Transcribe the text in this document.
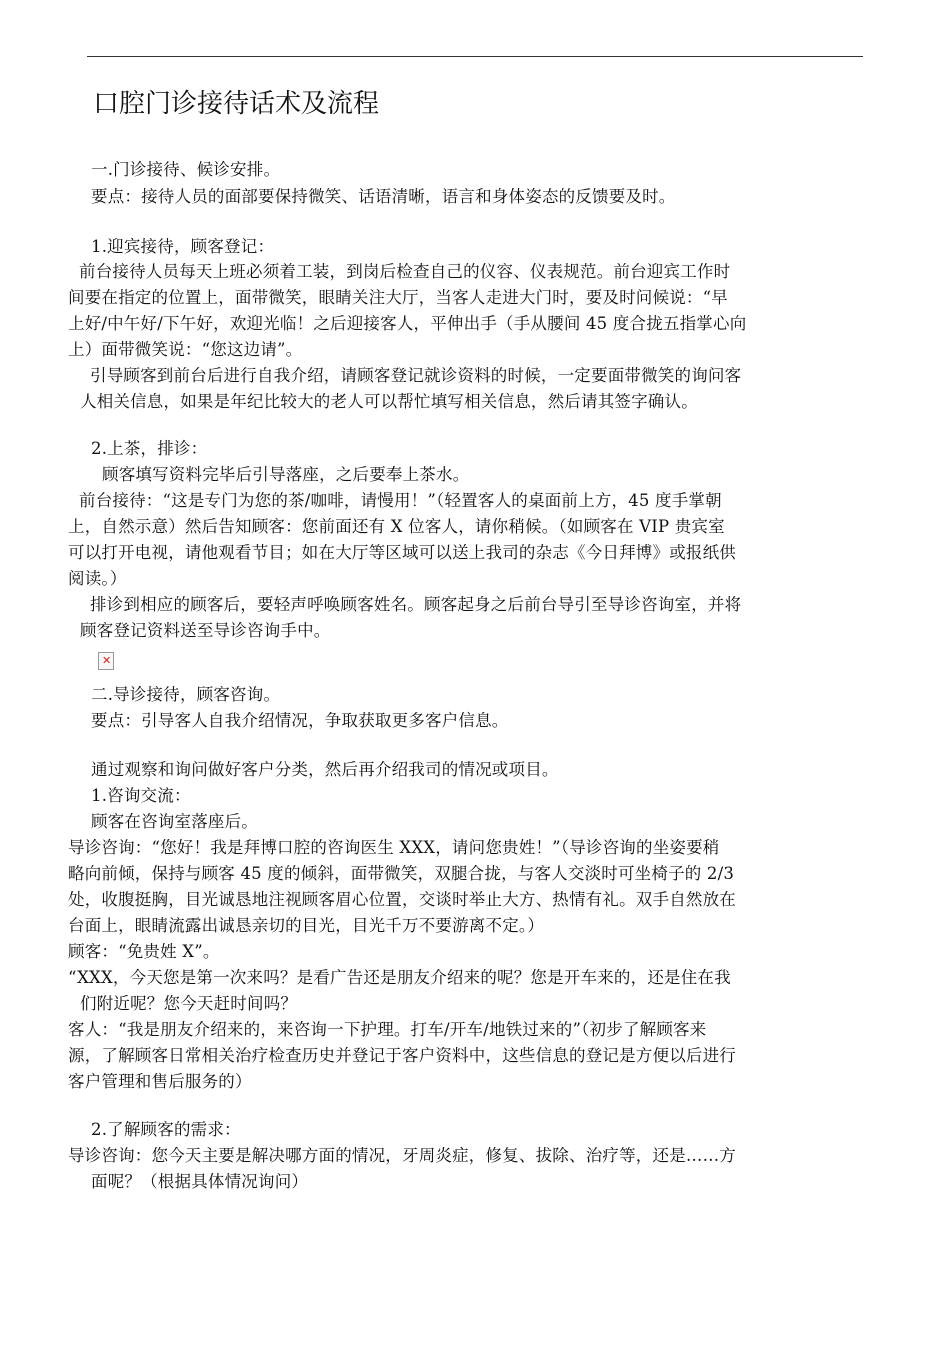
口腔门诊接待话术及流程
一.门诊接待、候诊安排。
要点：接待人员的面部要保持微笑、话语清晰，语言和身体姿态的反馈要及时。
1.迎宾接待，顾客登记：
前台接待人员每天上班必须着工装，到岗后检查自己的仪容、仪表规范。前台迎宾工作时
间要在指定的位置上，面带微笑，眼睛关注大厅，当客人走进大门时，要及时问候说：“早
上好/中午好/下午好，欢迎光临！之后迎接客人，平伸出手（手从腰间 45 度合拢五指掌心向
上）面带微笑说：“您这边请”。
引导顾客到前台后进行自我介绍，请顾客登记就诊资料的时候，一定要面带微笑的询问客
人相关信息，如果是年纪比较大的老人可以帮忙填写相关信息，然后请其签字确认。
2.上茶，排诊：
顾客填写资料完毕后引导落座，之后要奉上茶水。
前台接待：“这是专门为您的茶/咖啡，请慢用！”（轻置客人的桌面前上方，45 度手掌朝
上，自然示意）然后告知顾客：您前面还有 X 位客人，请你稍候。（如顾客在 VIP 贵宾室
可以打开电视，请他观看节目；如在大厅等区域可以送上我司的杂志《今日拜博》或报纸供
阅读。）
排诊到相应的顾客后，要轻声呼唤顾客姓名。顾客起身之后前台导引至导诊咨询室，并将
顾客登记资料送至导诊咨询手中。
✕
二.导诊接待，顾客咨询。
要点：引导客人自我介绍情况，争取获取更多客户信息。
通过观察和询问做好客户分类，然后再介绍我司的情况或项目。
1.咨询交流：
顾客在咨询室落座后。
导诊咨询：“您好！我是拜博口腔的咨询医生 XXX，请问您贵姓！”（导诊咨询的坐姿要稍
略向前倾，保持与顾客 45 度的倾斜，面带微笑，双腿合拢，与客人交淡时可坐椅子的 2/3
处，收腹挺胸，目光诚恳地注视顾客眉心位置，交谈时举止大方、热情有礼。双手自然放在
台面上，眼睛流露出诚恳亲切的目光，目光千万不要游离不定。）
顾客：“免贵姓 X”。
“XXX，今天您是第一次来吗？是看广告还是朋友介绍来的呢？您是开车来的，还是住在我
们附近呢？您今天赶时间吗？
客人：“我是朋友介绍来的，来咨询一下护理。打车/开车/地铁过来的”（初步了解顾客来
源，了解顾客日常相关治疗检查历史并登记于客户资料中，这些信息的登记是方便以后进行
客户管理和售后服务的）
2.了解顾客的需求：
导诊咨询：您今天主要是解决哪方面的情况，牙周炎症，修复、拔除、治疗等，还是……方
面呢？（根据具体情况询问）
